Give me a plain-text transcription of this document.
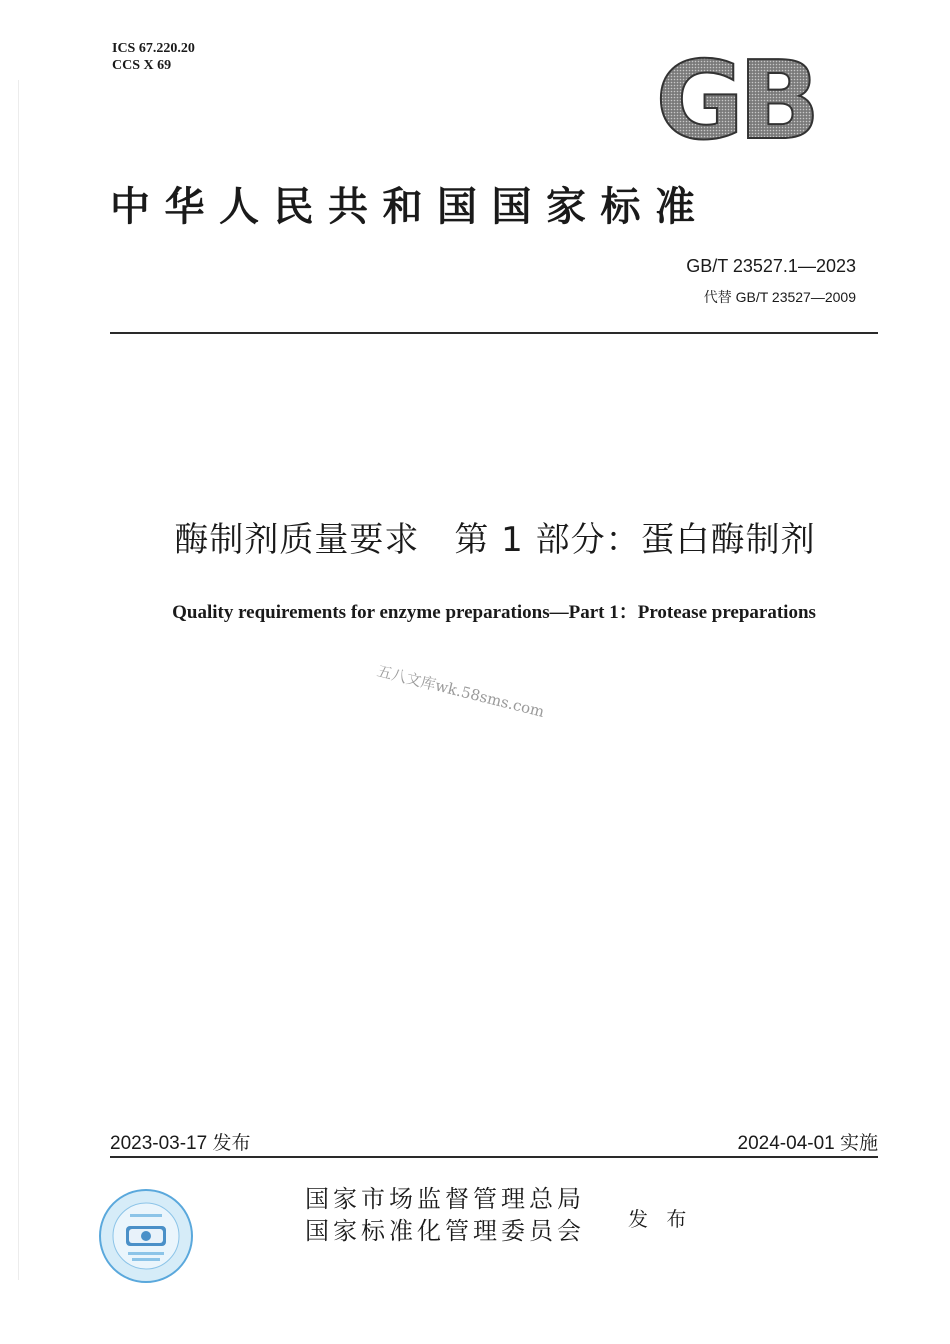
ICS 67.220.20
CCS X 69	GB
中华人民共和国国家标准
GB/T 23527.1—2023
代替 GB/T 23527—2009
酶制剂质量要求　第 1 部分：蛋白酶制剂
Quality requirements for enzyme preparations—Part 1：Protease preparations
五八文库wk.58sms.com
2023-03-17 发布	2024-04-01 实施
国家市场监督管理总局
国家标准化管理委员会 发 布
